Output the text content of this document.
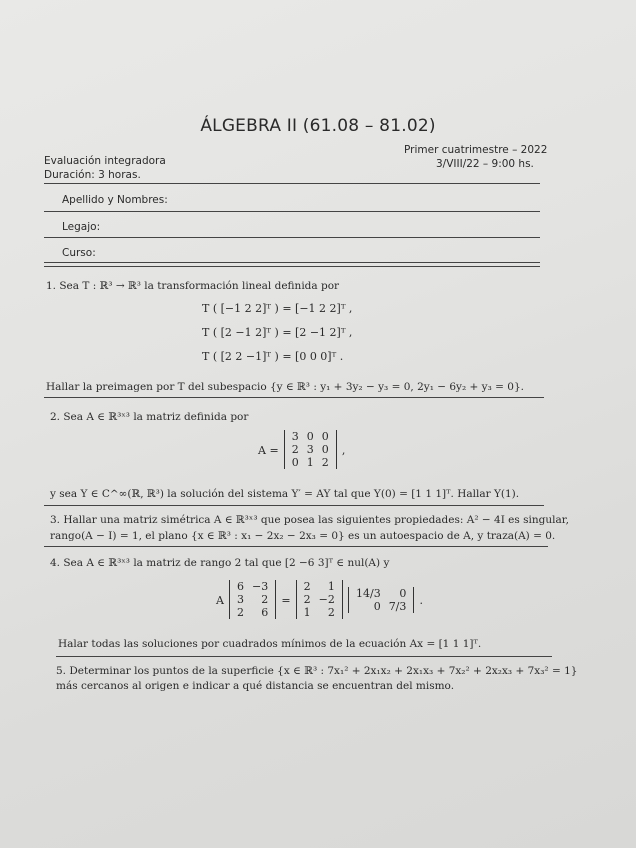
ÁLGEBRA II (61.08 – 81.02)
Evaluación integradora
Duración: 3 horas.
Primer cuatrimestre – 2022
3/VIII/22 – 9:00 hs.
Apellido y Nombres:
Legajo:
Curso:
1. Sea T : ℝ³ → ℝ³ la transformación lineal definida por
T ( [−1 2 2]ᵀ ) = [−1 2 2]ᵀ ,
T ( [2 −1 2]ᵀ ) = [2 −1 2]ᵀ ,
T ( [2 2 −1]ᵀ ) = [0 0 0]ᵀ .
Hallar la preimagen por T del subespacio {y ∈ ℝ³ : y₁ + 3y₂ − y₃ = 0, 2y₁ − 6y₂ + y₃ = 0}.
2. Sea A ∈ ℝ³ˣ³ la matriz definida por
A =
3	0	0
2	3	0
0	1	2
,
y sea Y ∈ C^∞(ℝ, ℝ³) la solución del sistema Y′ = AY tal que Y(0) = [1 1 1]ᵀ. Hallar Y(1).
3. Hallar una matriz simétrica A ∈ ℝ³ˣ³ que posea las siguientes propiedades: A² − 4I es singular,
rango(A − I) = 1, el plano {x ∈ ℝ³ : x₁ − 2x₂ − 2x₃ = 0} es un autoespacio de A, y traza(A) = 0.
4. Sea A ∈ ℝ³ˣ³ la matriz de rango 2 tal que [2 −6 3]ᵀ ∈ nul(A) y
A
6	−3
3	2
2	6
=
2	1
2	−2
1	2

14/3	0
0	7/3 .
Halar todas las soluciones por cuadrados mínimos de la ecuación Ax = [1 1 1]ᵀ.
5. Determinar los puntos de la superficie {x ∈ ℝ³ : 7x₁² + 2x₁x₂ + 2x₁x₃ + 7x₂² + 2x₂x₃ + 7x₃² = 1}
más cercanos al origen e indicar a qué distancia se encuentran del mismo.
